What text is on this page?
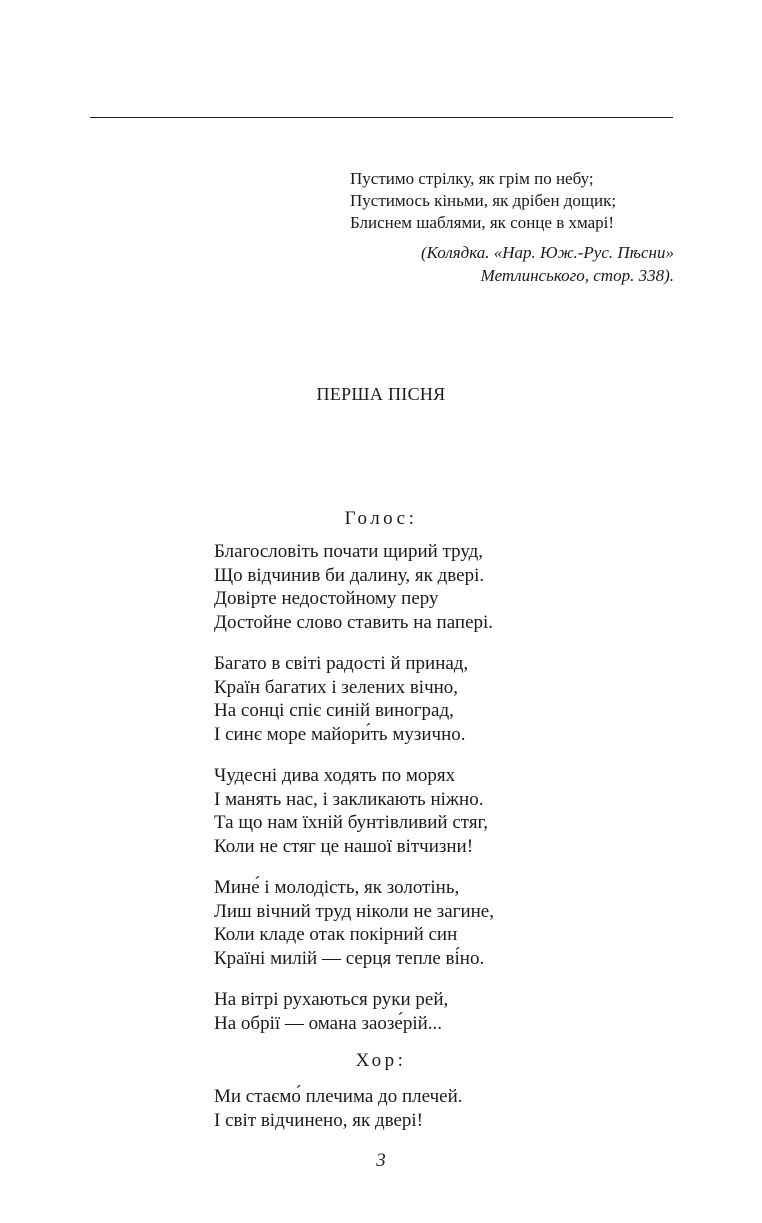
Пустимо стрілку, як грім по небу;
Пустимось кіньми, як дрібен дощик;
Блиснем шаблями, як сонце в хмарі!
(Колядка. «Нар. Юж.-Рус. Пѣсни»
Метлинського, стор. 338).
ПЕРША ПІСНЯ
Голос:
Благословіть почати щирий труд,
Що відчинив би далину, як двері.
Довірте недостойному перу
Достойне слово ставить на папері.
Багато в світі радості й принад,
Країн багатих і зелених вічно,
На сонці спіє синій виноград,
І синє море майори́ть музично.
Чудесні дива ходять по морях
І манять нас, і закликають ніжно.
Та що нам їхній бунтівливий стяг,
Коли не стяг це нашої вітчизни!
Мине́ і молодість, як золотінь,
Лиш вічний труд ніколи не загине,
Коли кладе отак покірний син
Країні милій — серця тепле ві́но.
На вітрі рухаються руки рей,
На обрії — омана заозе́рій...
Хор:
Ми стаємо́ плечима до плечей.
І світ відчинено, як двері!
3
